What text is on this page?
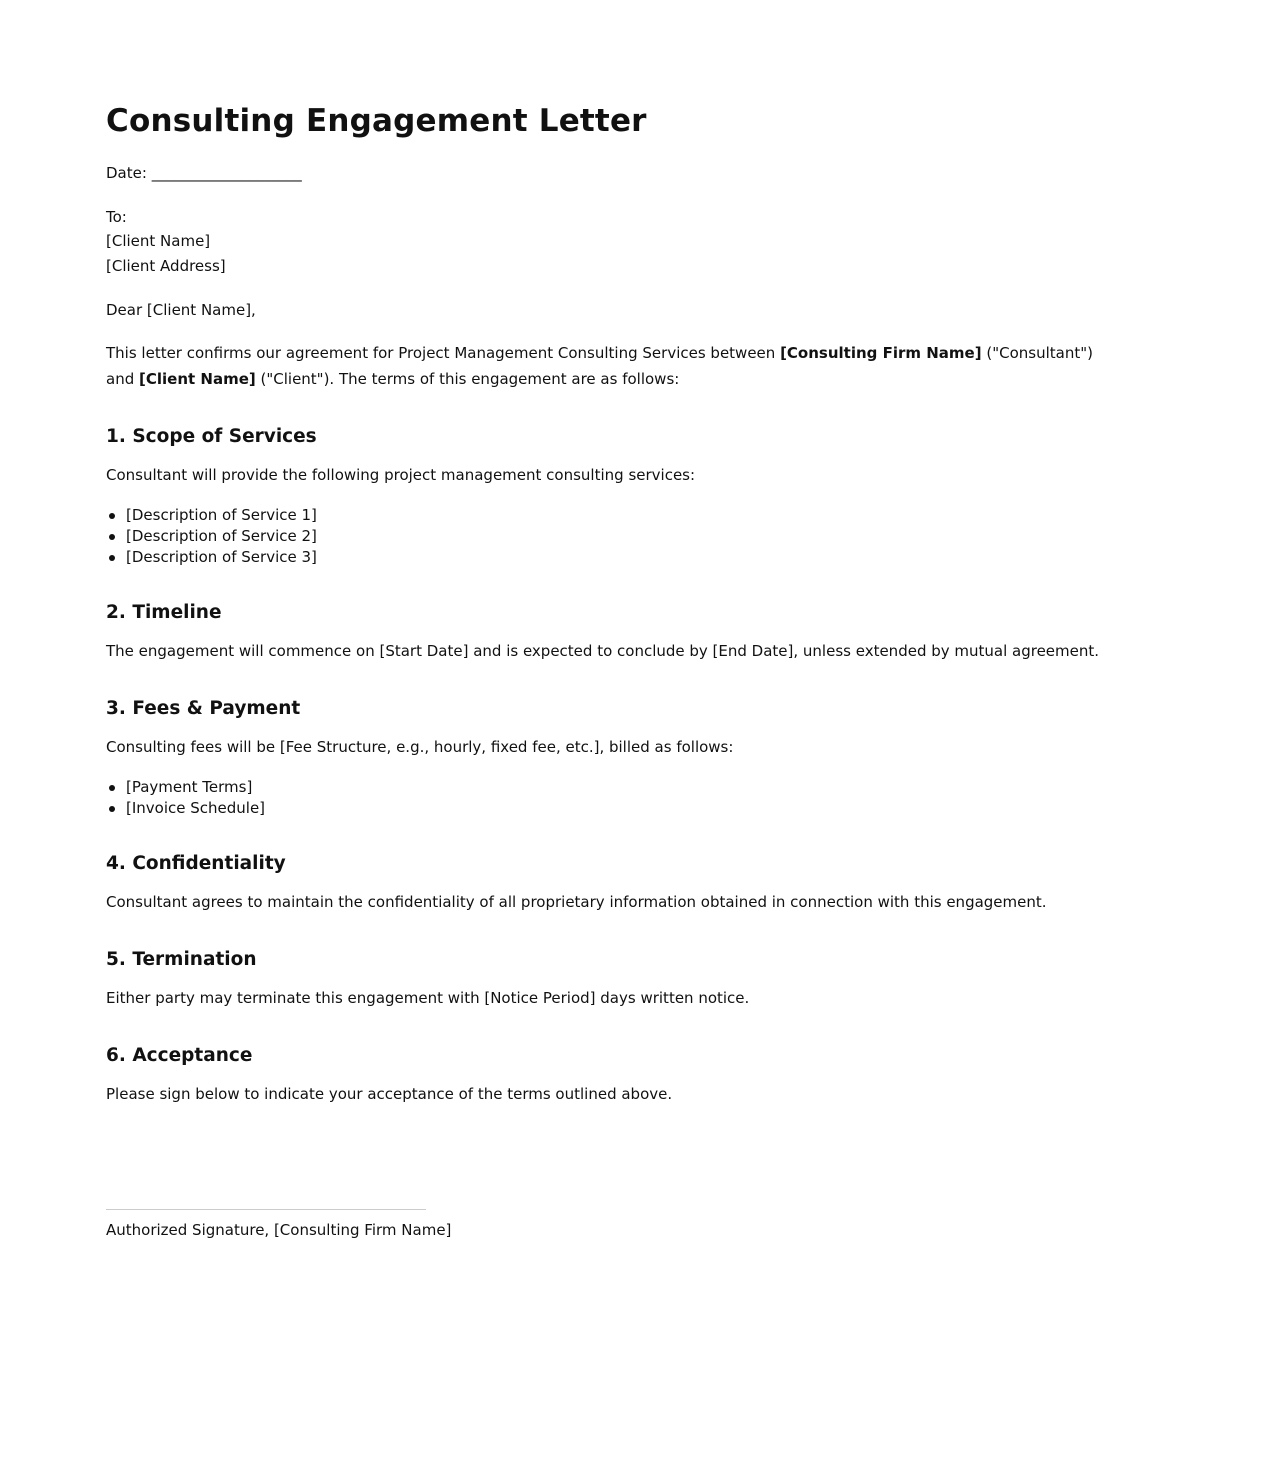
Consulting Engagement Letter

Date: ____________________

To:

[Client Name]

[Client Address]

Dear [Client Name],

This letter confirms our agreement for Project Management Consulting Services between [Consulting Firm Name] ("Consultant") and [Client Name] ("Client"). The terms of this engagement are as follows:

1. Scope of Services

Consultant will provide the following project management consulting services:

[Description of Service 1]
[Description of Service 2]
[Description of Service 3]
2. Timeline

The engagement will commence on [Start Date] and is expected to conclude by [End Date], unless extended by mutual agreement.

3. Fees & Payment

Consulting fees will be [Fee Structure, e.g., hourly, fixed fee, etc.], billed as follows:

[Payment Terms]
[Invoice Schedule]
4. Confidentiality

Consultant agrees to maintain the confidentiality of all proprietary information obtained in connection with this engagement.

5. Termination

Either party may terminate this engagement with [Notice Period] days written notice.

6. Acceptance

Please sign below to indicate your acceptance of the terms outlined above.

Authorized Signature, [Consulting Firm Name]
